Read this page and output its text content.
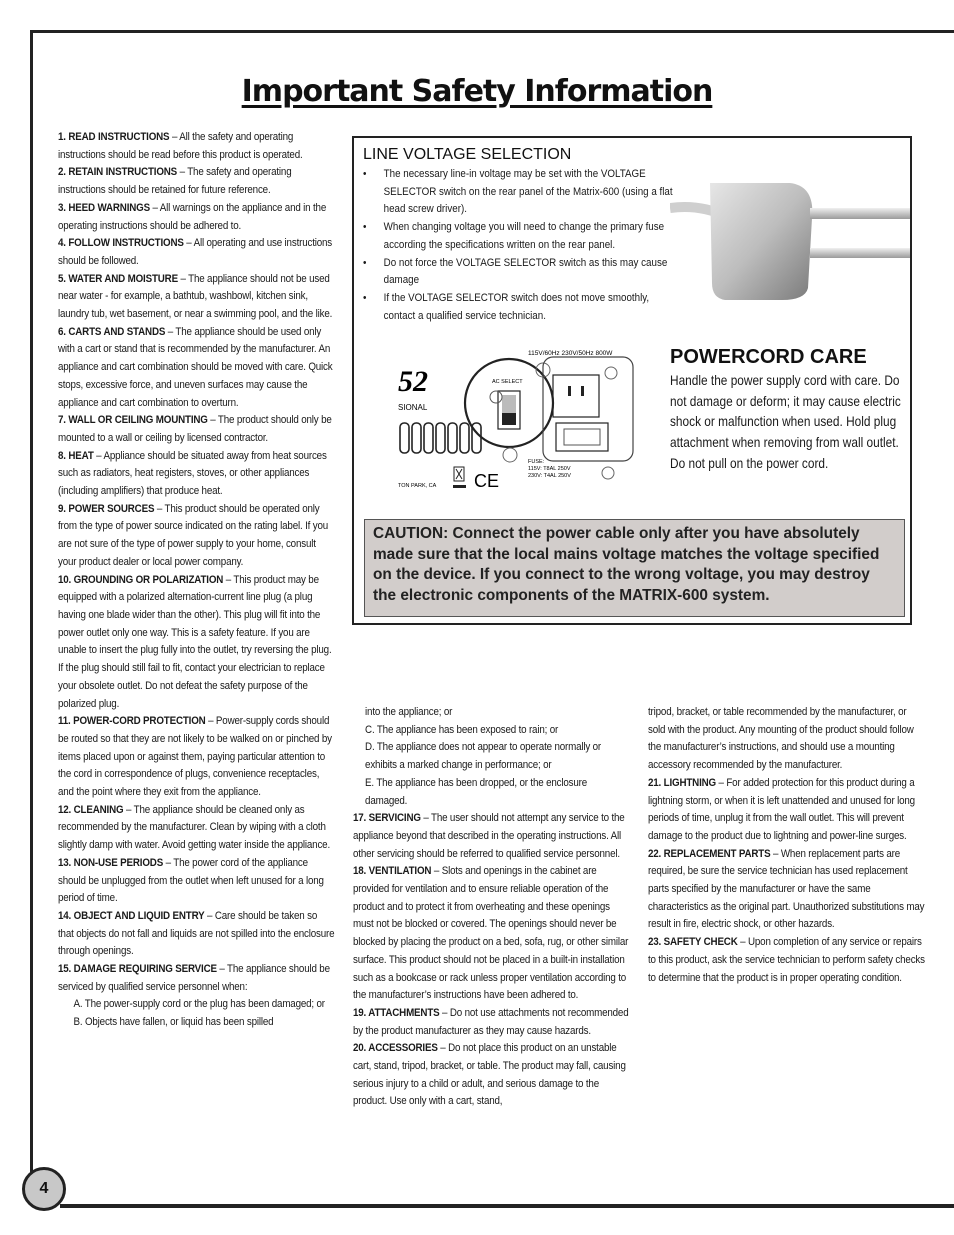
Important Safety Information

1. READ INSTRUCTIONS – All the safety and operating instructions should be read before this product is operated.

2. RETAIN INSTRUCTIONS – The safety and operating instructions should be retained for future reference.

3. HEED WARNINGS – All warnings on the appliance and in the operating instructions should be adhered to.

4. FOLLOW INSTRUCTIONS – All operating and use instructions should be followed.

5. WATER AND MOISTURE – The appliance should not be used near water - for example, a bathtub, washbowl, kitchen sink, laundry tub, wet basement, or near a swimming pool, and the like.

6. CARTS AND STANDS – The appliance should be used only with a cart or stand that is recommended by the manufacturer. An appliance and cart combination should be moved with care. Quick stops, excessive force, and uneven surfaces may cause the appliance and cart combination to overturn.

7. WALL OR CEILING MOUNTING – The product should only be mounted to a wall or ceiling by licensed contractor.

8. HEAT – Appliance should be situated away from heat sources such as radiators, heat registers, stoves, or other appliances (including amplifiers) that produce heat.

9. POWER SOURCES – This product should be operated only from the type of power source indicated on the rating label. If you are not sure of the type of power supply to your home, consult your product dealer or local power company.

10. GROUNDING OR POLARIZATION – This product may be equipped with a polarized alternation-current line plug (a plug having one blade wider than the other). This plug will fit into the power outlet only one way. This is a safety feature. If you are unable to insert the plug fully into the outlet, try reversing the plug. If the plug should still fail to fit, contact your electrician to replace your obsolete outlet. Do not defeat the safety purpose of the polarized plug.

11. POWER-CORD PROTECTION – Power-supply cords should be routed so that they are not likely to be walked on or pinched by items placed upon or against them, paying particular attention to the cord in correspondence of plugs, convenience receptacles, and the point where they exit from the appliance.

12. CLEANING – The appliance should be cleaned only as recommended by the manufacturer. Clean by wiping with a cloth slightly damp with water. Avoid getting water inside the appliance.

13. NON-USE PERIODS – The power cord of the appliance should be unplugged from the outlet when left unused for a long period of time.

14. OBJECT AND LIQUID ENTRY – Care should be taken so that objects do not fall and liquids are not spilled into the enclosure through openings.

15. DAMAGE REQUIRING SERVICE – The appliance should be serviced by qualified service personnel when:

A. The power-supply cord or the plug has been damaged; or
B. Objects have fallen, or liquid has been spilled
into the appliance; or
C. The appliance has been exposed to rain; or
D. The appliance does not appear to operate normally or exhibits a marked change in performance; or
E. The appliance has been dropped, or the enclosure damaged.

17. SERVICING – The user should not attempt any service to the appliance beyond that described in the operating instructions. All other servicing should be referred to qualified service personnel.

18. VENTILATION – Slots and openings in the cabinet are provided for ventilation and to ensure reliable operation of the product and to protect it from overheating and these openings must not be blocked or covered. The openings should never be blocked by placing the product on a bed, sofa, rug, or other similar surface. This product should not be placed in a built-in installation such as a bookcase or rack unless proper ventilation according to the manufacturer’s instructions have been adhered to.

19. ATTACHMENTS – Do not use attachments not recommended by the product manufacturer as they may cause hazards.

20. ACCESSORIES – Do not place this product on an unstable cart, stand, tripod, bracket, or table. The product may fall, causing serious injury to a child or adult, and serious damage to the product. Use only with a cart, stand,

tripod, bracket, or table recommended by the manufacturer, or sold with the product. Any mounting of the product should follow the manufacturer’s instructions, and should use a mounting accessory recommended by the manufacturer.

21. LIGHTNING – For added protection for this product during a lightning storm, or when it is left unattended and unused for long periods of time, unplug it from the wall outlet. This will prevent damage to the product due to lightning and power-line surges.

22. REPLACEMENT PARTS – When replacement parts are required, be sure the service technician has used replacement parts specified by the manufacturer or have the same characteristics as the original part. Unauthorized substitutions may result in fire, electric shock, or other hazards.

23. SAFETY CHECK – Upon completion of any service or repairs to this product, ask the service technician to perform safety checks to determine that the product is in proper operating condition.

LINE VOLTAGE SELECTION
• The necessary line-in voltage may be set with the VOLTAGE SELECTOR switch on the rear panel of the Matrix-600 (using a flat head screw driver).
• When changing voltage you will need to change the primary fuse according the specifications written on the rear panel.
• Do not force the VOLTAGE SELECTOR switch as this may cause damage
• If the VOLTAGE SELECTOR switch does not move smoothly, contact a qualified service technician.
115V/60Hz 230V/50Hz 800W
52
SIONAL
AC SELECT
FUSE:
115V: T8AL 250V
230V: T4AL 250V
TON PARK, CA CE
POWERCORD CARE
Handle the power supply cord with care. Do not damage or deform; it may cause electric shock or malfunction when used. Hold plug attachment when removing from wall outlet. Do not pull on the power cord.
CAUTION: Connect the power cable only after you have absolutely made sure that the local mains voltage matches the voltage specified on the device. If you connect to the wrong voltage, you may destroy the electronic components of the MATRIX-600 system.
4
